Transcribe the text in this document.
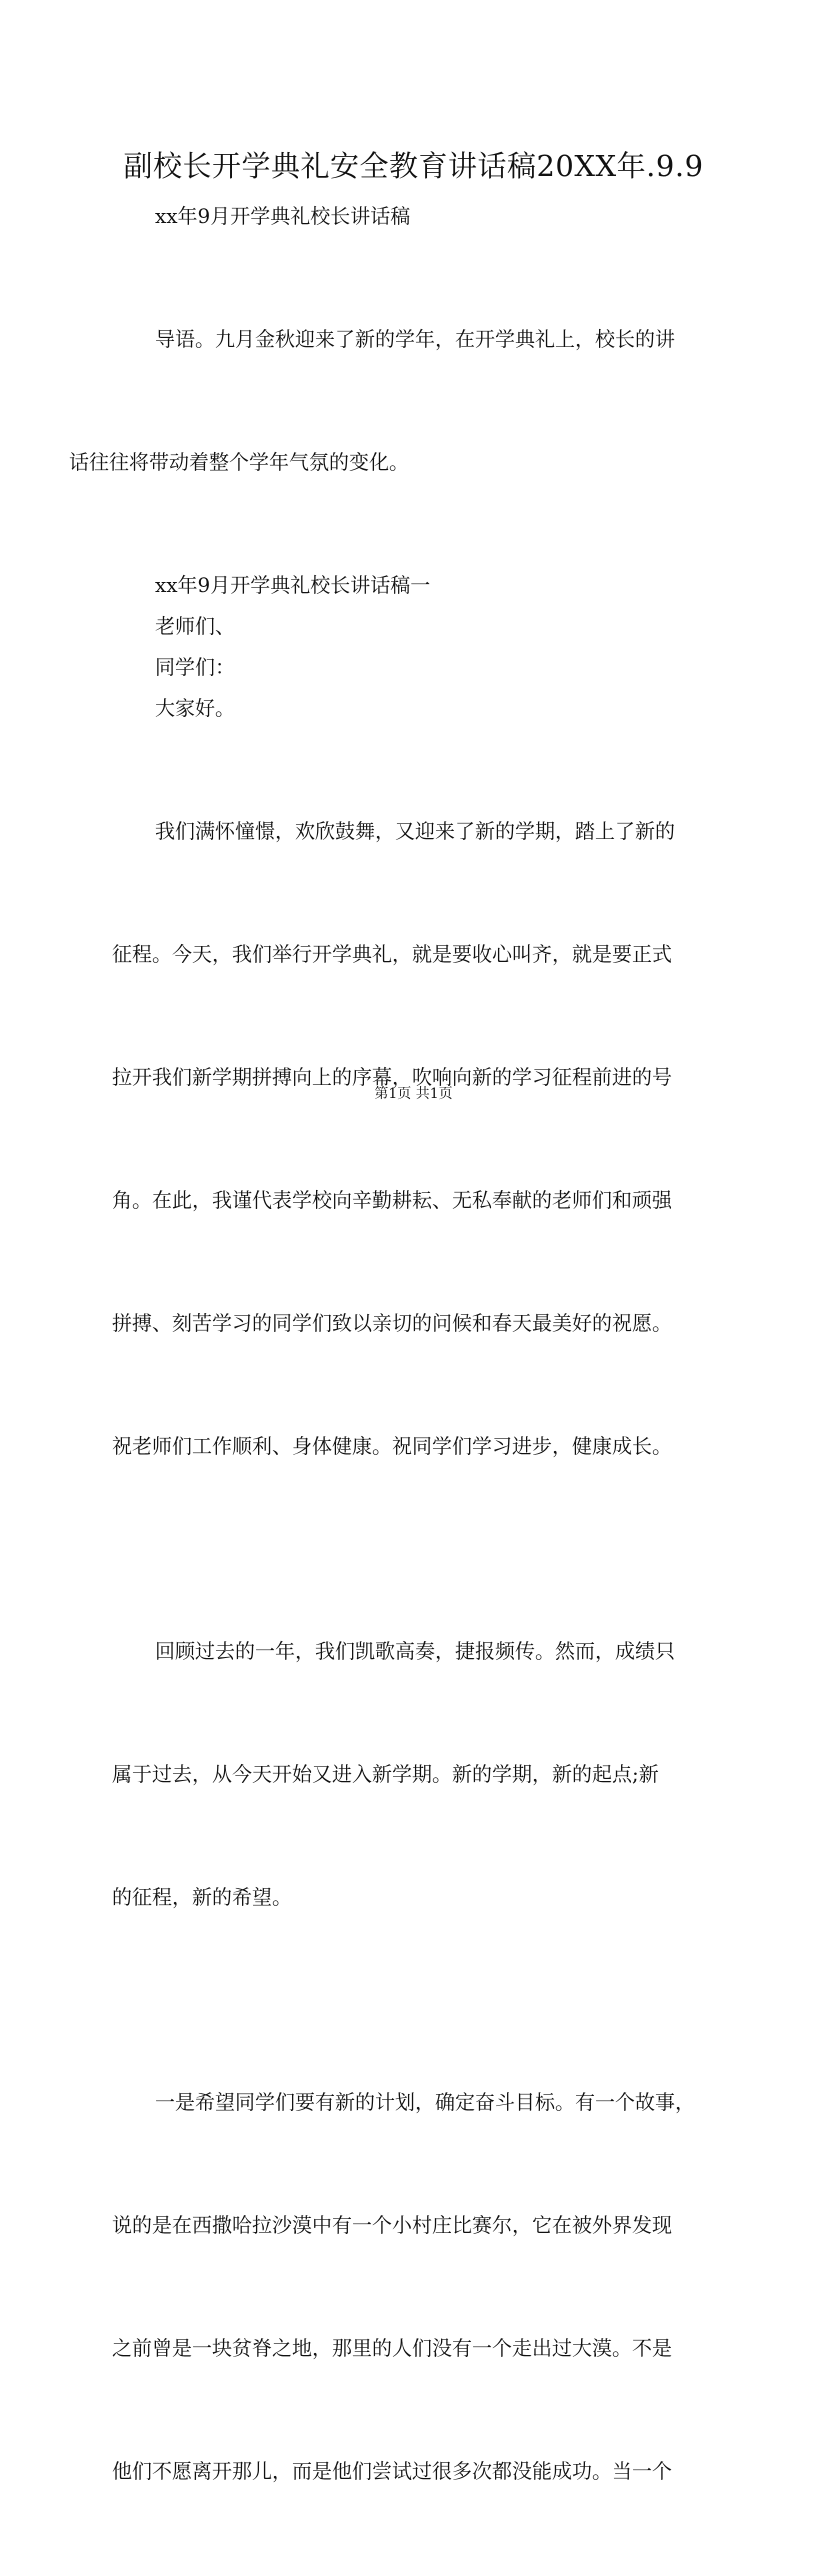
副校长开学典礼安全教育讲话稿20XX年.9.9

xx年9月开学典礼校长讲话稿

导语。九月金秋迎来了新的学年，在开学典礼上，校长的讲

话往往将带动着整个学年气氛的变化。

xx年9月开学典礼校长讲话稿一

老师们、

同学们：

大家好。

我们满怀憧憬，欢欣鼓舞，又迎来了新的学期，踏上了新的

征程。今天，我们举行开学典礼，就是要收心叫齐，就是要正式

拉开我们新学期拼搏向上的序幕，吹响向新的学习征程前进的号

角。在此，我谨代表学校向辛勤耕耘、无私奉献的老师们和顽强

拼搏、刻苦学习的同学们致以亲切的问候和春天最美好的祝愿。

祝老师们工作顺利、身体健康。祝同学们学习进步，健康成长。

回顾过去的一年，我们凯歌高奏，捷报频传。然而，成绩只

属于过去，从今天开始又进入新学期。新的学期，新的起点;新

的征程，新的希望。

一是希望同学们要有新的计划，确定奋斗目标。有一个故事，

说的是在西撒哈拉沙漠中有一个小村庄比赛尔，它在被外界发现

之前曾是一块贫脊之地，那里的人们没有一个走出过大漠。不是

他们不愿离开那儿，而是他们尝试过很多次都没能成功。当一个

第1页 共1页
